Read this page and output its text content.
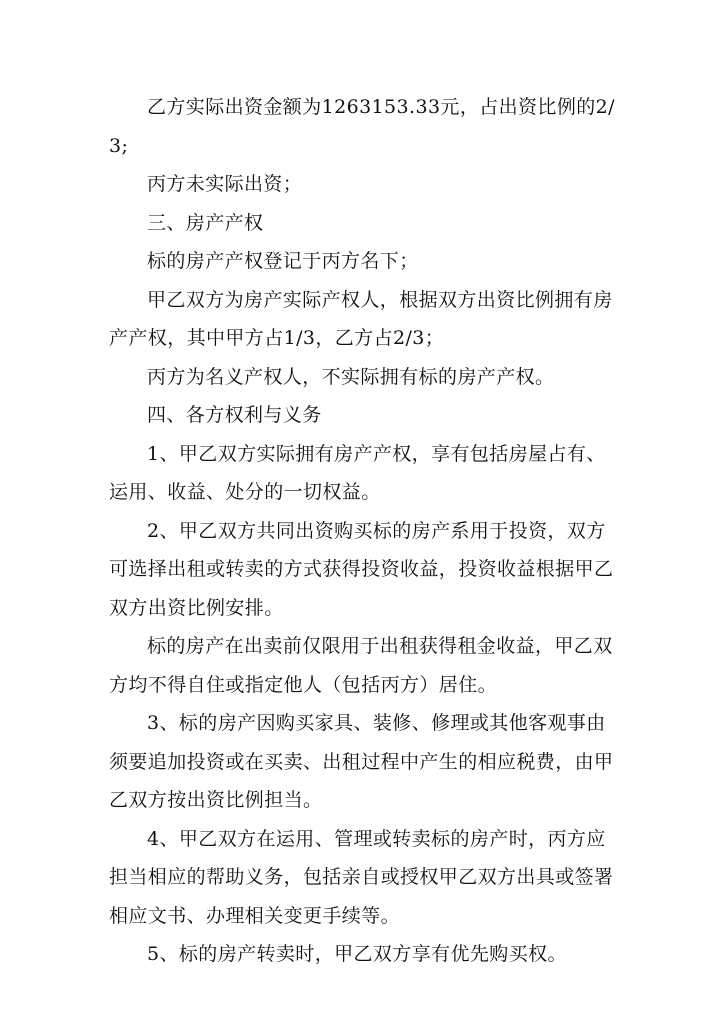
乙方实际出资金额为1263153.33元，占出资比例的2/3;

丙方未实际出资；

三、房产产权

标的房产产权登记于丙方名下；

甲乙双方为房产实际产权人，根据双方出资比例拥有房产产权，其中甲方占1/3，乙方占2/3；

丙方为名义产权人，不实际拥有标的房产产权。

四、各方权利与义务

1、甲乙双方实际拥有房产产权，享有包括房屋占有、运用、收益、处分的一切权益。

2、甲乙双方共同出资购买标的房产系用于投资，双方可选择出租或转卖的方式获得投资收益，投资收益根据甲乙双方出资比例安排。

标的房产在出卖前仅限用于出租获得租金收益，甲乙双方均不得自住或指定他人（包括丙方）居住。

3、标的房产因购买家具、装修、修理或其他客观事由须要追加投资或在买卖、出租过程中产生的相应税费，由甲乙双方按出资比例担当。

4、甲乙双方在运用、管理或转卖标的房产时，丙方应担当相应的帮助义务，包括亲自或授权甲乙双方出具或签署相应文书、办理相关变更手续等。

5、标的房产转卖时，甲乙双方享有优先购买权。
